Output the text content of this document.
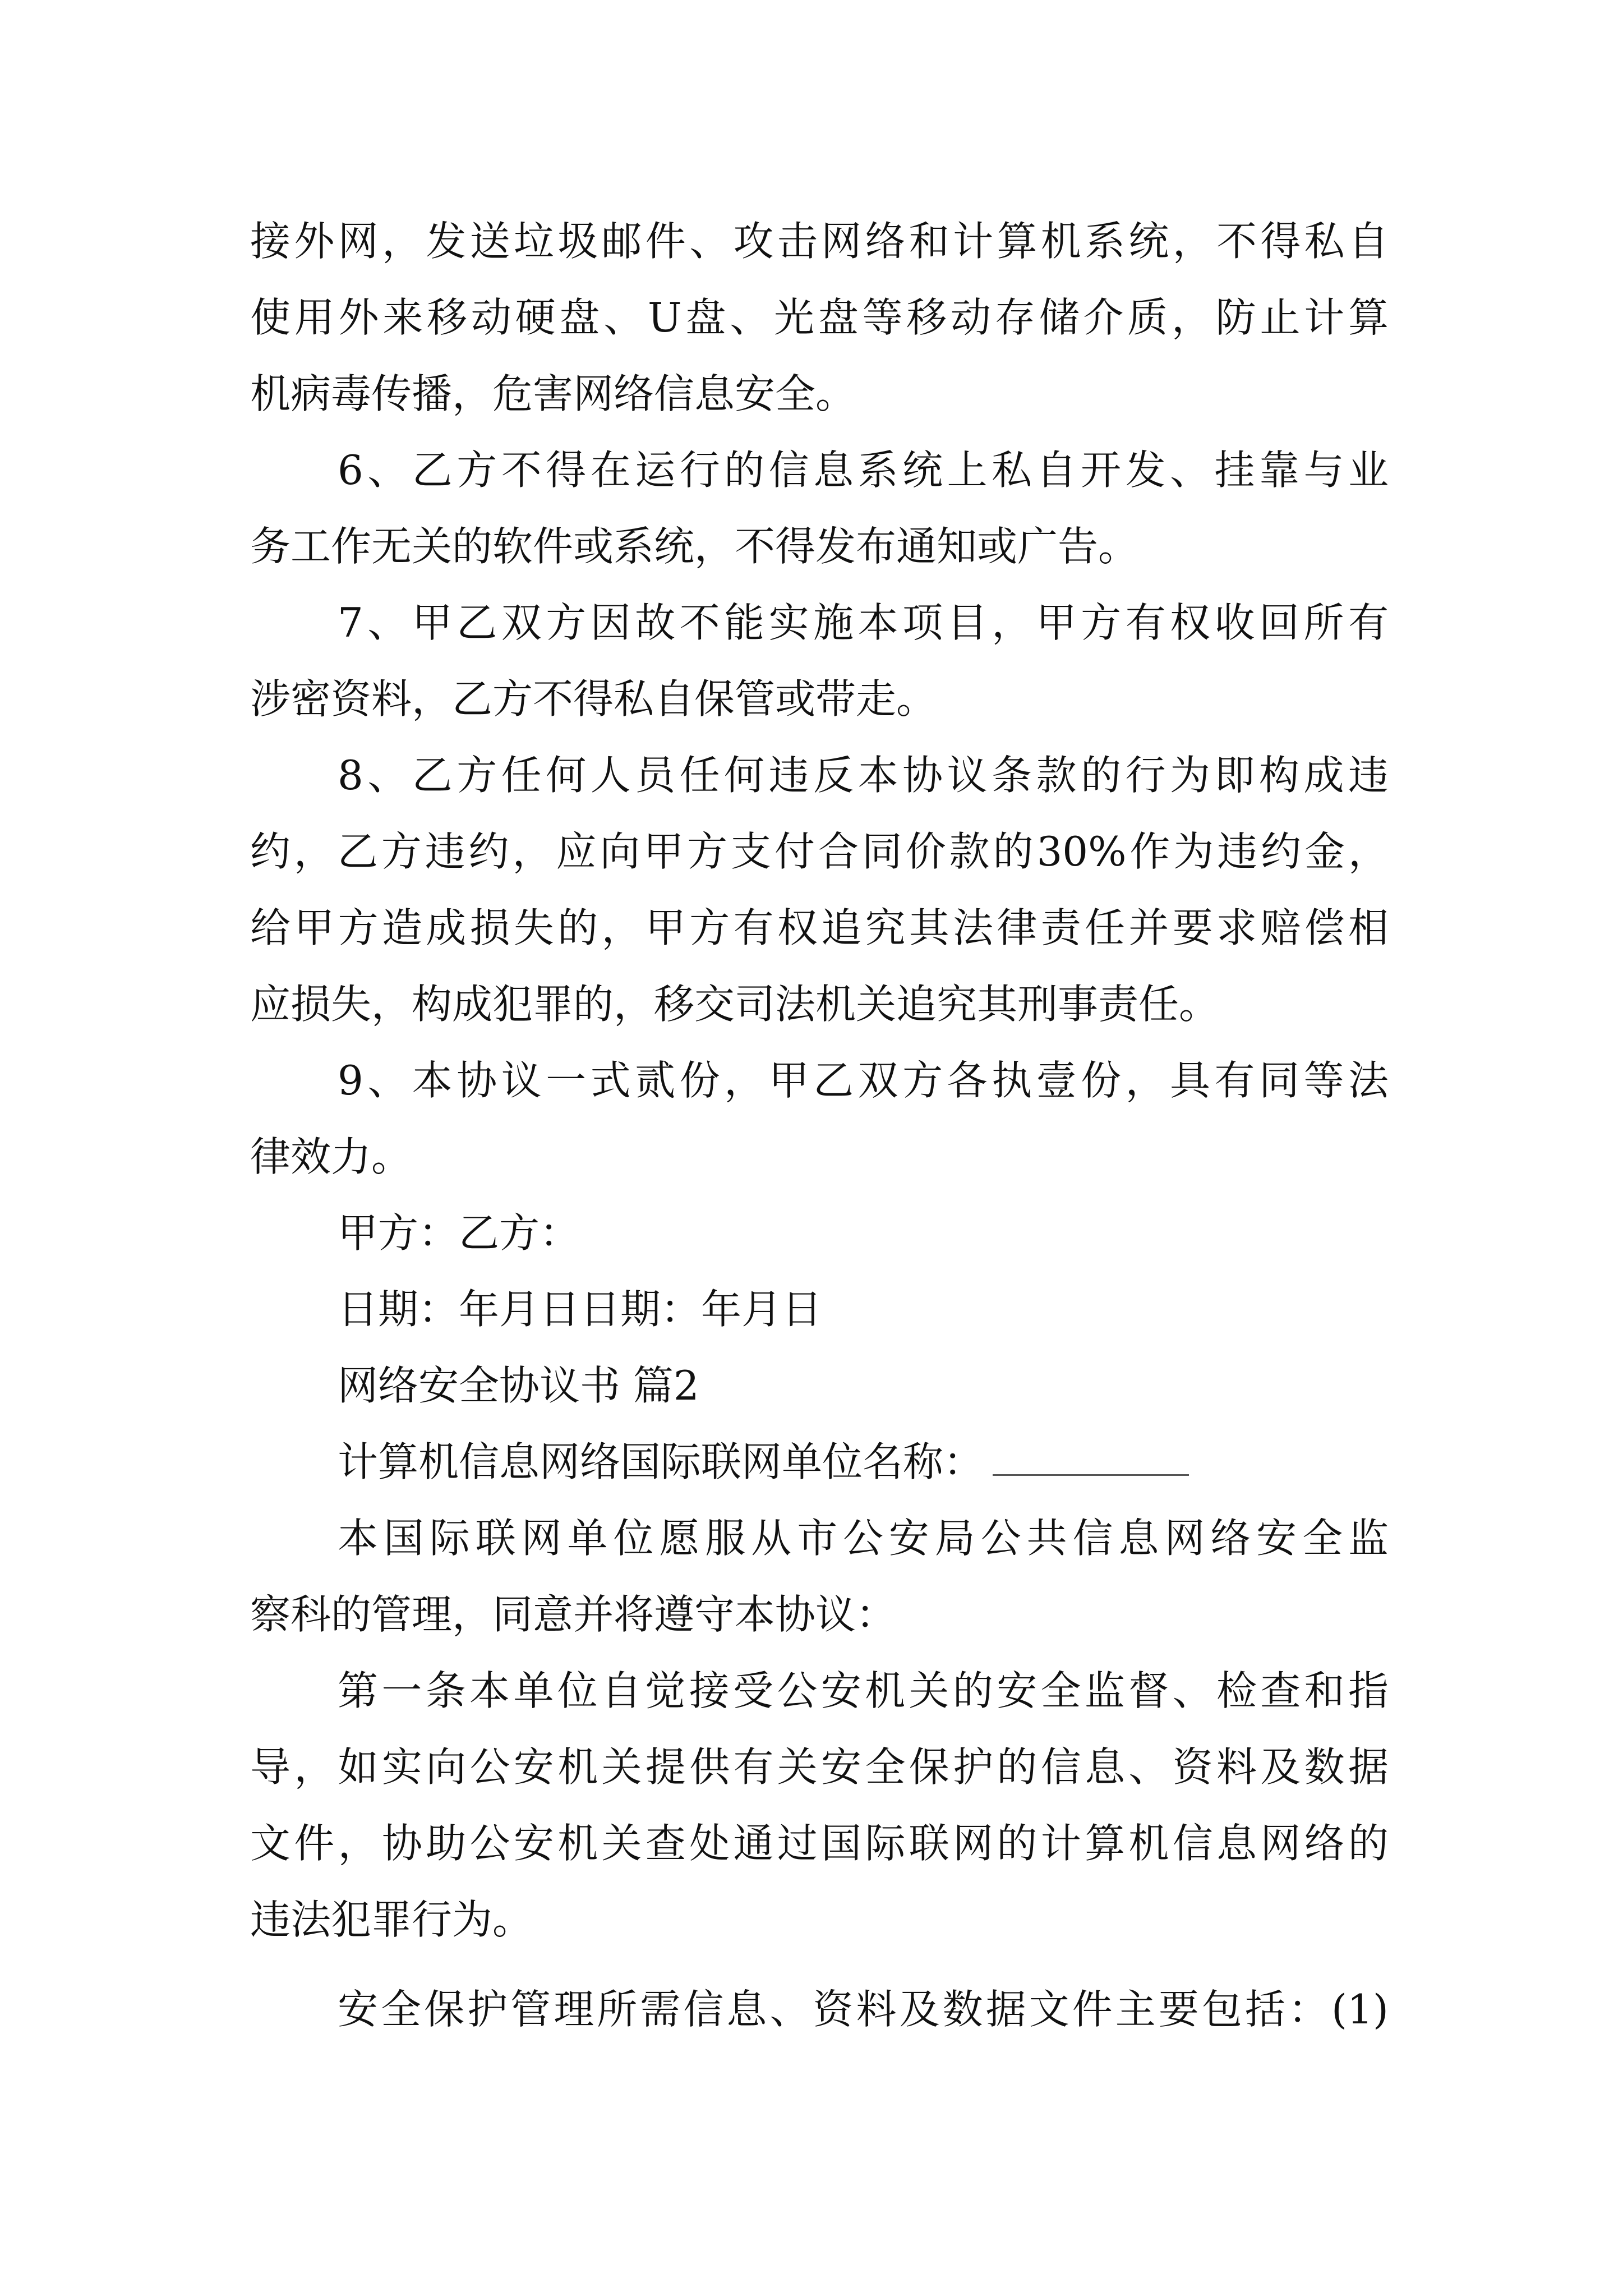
接外网，发送垃圾邮件、攻击网络和计算机系统，不得私自
使用外来移动硬盘、U盘、光盘等移动存储介质，防止计算
机病毒传播，危害网络信息安全。
6、乙方不得在运行的信息系统上私自开发、挂靠与业
务工作无关的软件或系统，不得发布通知或广告。
7、甲乙双方因故不能实施本项目，甲方有权收回所有
涉密资料，乙方不得私自保管或带走。
8、乙方任何人员任何违反本协议条款的行为即构成违
约，乙方违约，应向甲方支付合同价款的30%作为违约金，
给甲方造成损失的，甲方有权追究其法律责任并要求赔偿相
应损失，构成犯罪的，移交司法机关追究其刑事责任。
9、本协议一式贰份，甲乙双方各执壹份，具有同等法
律效力。
甲方：乙方：
日期：年月日日期：年月日
网络安全协议书 篇2
计算机信息网络国际联网单位名称：
本国际联网单位愿服从市公安局公共信息网络安全监
察科的管理，同意并将遵守本协议：
第一条本单位自觉接受公安机关的安全监督、检查和指
导，如实向公安机关提供有关安全保护的信息、资料及数据
文件，协助公安机关查处通过国际联网的计算机信息网络的
违法犯罪行为。
安全保护管理所需信息、资料及数据文件主要包括：(1)
